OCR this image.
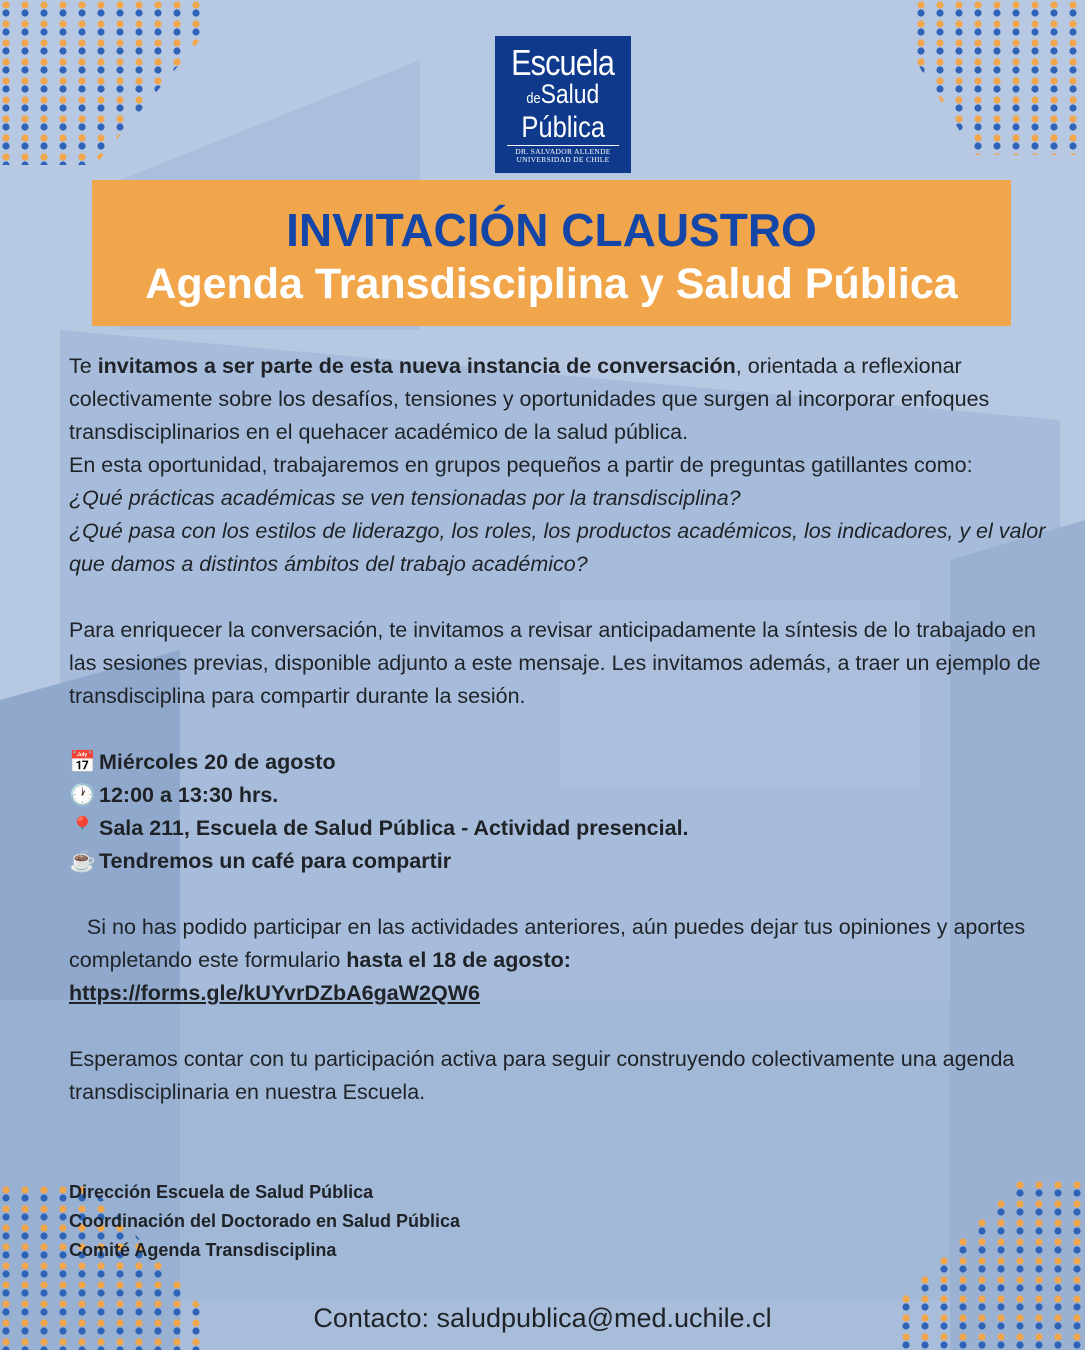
Escuela
deSalud
Pública
DR. SALVADOR ALLENDE
UNIVERSIDAD DE CHILE
INVITACIÓN CLAUSTRO
Agenda Transdisciplina y Salud Pública

Te invitamos a ser parte de esta nueva instancia de conversación, orientada a reflexionar colectivamente sobre los desafíos, tensiones y oportunidades que surgen al incorporar enfoques transdisciplinarios en el quehacer académico de la salud pública.

En esta oportunidad, trabajaremos en grupos pequeños a partir de preguntas gatillantes como:

¿Qué prácticas académicas se ven tensionadas por la transdisciplina?

¿Qué pasa con los estilos de liderazgo, los roles, los productos académicos, los indicadores, y el valor que damos a distintos ámbitos del trabajo académico?

Para enriquecer la conversación, te invitamos a revisar anticipadamente la síntesis de lo trabajado en las sesiones previas, disponible adjunto a este mensaje. Les invitamos además, a traer un ejemplo de transdisciplina para compartir durante la sesión.

📅 Miércoles 20 de agosto

🕐 12:00 a 13:30 hrs.

📍 Sala 211, Escuela de Salud Pública - Actividad presencial.

☕ Tendremos un café para compartir

Si no has podido participar en las actividades anteriores, aún puedes dejar tus opiniones y aportes completando este formulario hasta el 18 de agosto:

https://forms.gle/kUYvrDZbA6gaW2QW6

Esperamos contar con tu participación activa para seguir construyendo colectivamente una agenda transdisciplinaria en nuestra Escuela.

Dirección Escuela de Salud Pública
Coordinación del Doctorado en Salud Pública
Comité Agenda Transdisciplina
Contacto: saludpublica@med.uchile.cl
